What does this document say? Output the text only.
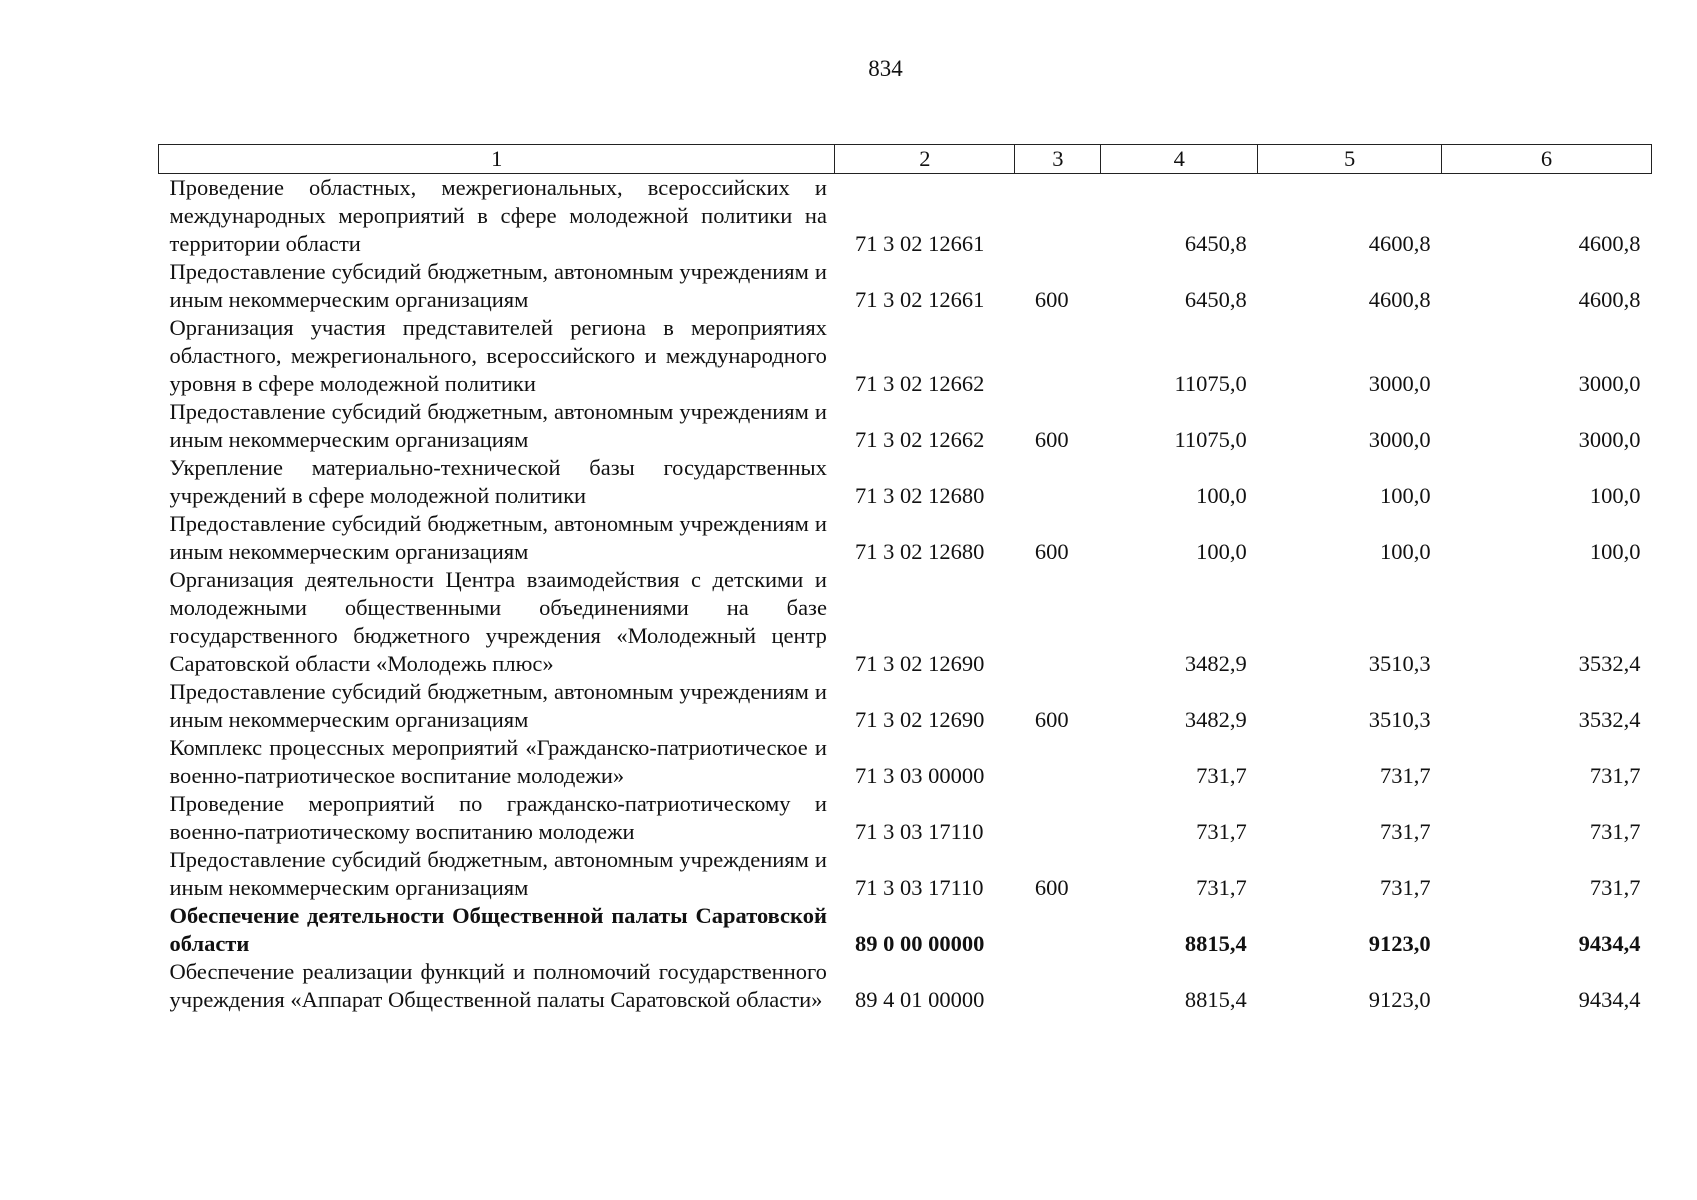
834
1	2	3	4	5	6
Проведение областных, межрегиональных, всероссийских и международных мероприятий в сфере молодежной политики на территории области	71 3 02 12661		6450,8	4600,8	4600,8
Предоставление субсидий бюджетным, автономным учреждениям и иным некоммерческим организациям	71 3 02 12661	600	6450,8	4600,8	4600,8
Организация участия представителей региона в мероприятиях областного, межрегионального, всероссийского и международного уровня в сфере молодежной политики	71 3 02 12662		11075,0	3000,0	3000,0
Предоставление субсидий бюджетным, автономным учреждениям и иным некоммерческим организациям	71 3 02 12662	600	11075,0	3000,0	3000,0
Укрепление материально-технической базы государственных учреждений в сфере молодежной политики	71 3 02 12680		100,0	100,0	100,0
Предоставление субсидий бюджетным, автономным учреждениям и иным некоммерческим организациям	71 3 02 12680	600	100,0	100,0	100,0
Организация деятельности Центра взаимодействия с детскими и молодежными общественными объединениями на базе государственного бюджетного учреждения «Молодежный центр Саратовской области «Молодежь плюс»	71 3 02 12690		3482,9	3510,3	3532,4
Предоставление субсидий бюджетным, автономным учреждениям и иным некоммерческим организациям	71 3 02 12690	600	3482,9	3510,3	3532,4
Комплекс процессных мероприятий «Гражданско-патриотическое и военно-патриотическое воспитание молодежи»	71 3 03 00000		731,7	731,7	731,7
Проведение мероприятий по гражданско-патриотическому и военно-патриотическому воспитанию молодежи	71 3 03 17110		731,7	731,7	731,7
Предоставление субсидий бюджетным, автономным учреждениям и иным некоммерческим организациям	71 3 03 17110	600	731,7	731,7	731,7
Обеспечение деятельности Общественной палаты Саратовской области	89 0 00 00000		8815,4	9123,0	9434,4
Обеспечение реализации функций и полномочий государственного учреждения «Аппарат Общественной палаты Саратовской области»	89 4 01 00000		8815,4	9123,0	9434,4
